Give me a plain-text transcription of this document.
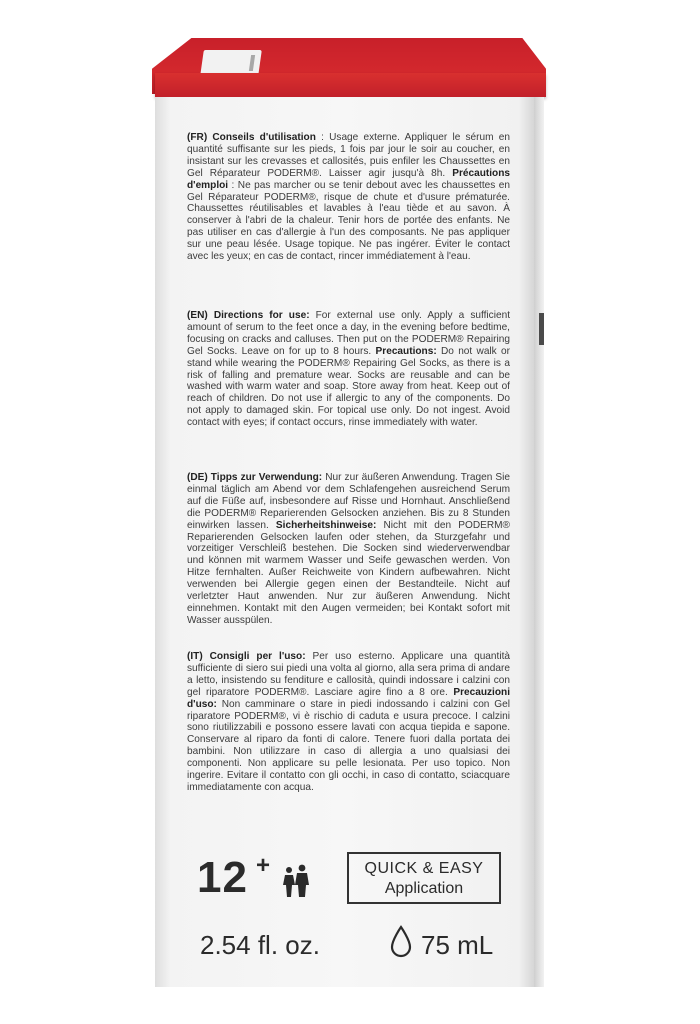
(FR) Conseils d'utilisation : Usage externe. Appliquer le sérum en quantité suffisante sur les pieds, 1 fois par jour le soir au coucher, en insistant sur les crevasses et callosités, puis enfiler les Chaussettes en Gel Réparateur PODERM®. Laisser agir jusqu'à 8h. Précautions d'emploi : Ne pas marcher ou se tenir debout avec les chaussettes en Gel Réparateur PODERM®, risque de chute et d'usure prématurée. Chaussettes réutilisables et lavables à l'eau tiède et au savon. À conserver à l'abri de la chaleur. Tenir hors de portée des enfants. Ne pas utiliser en cas d'allergie à l'un des composants. Ne pas appliquer sur une peau lésée. Usage topique. Ne pas ingérer. Éviter le contact avec les yeux; en cas de contact, rincer immédiatement à l'eau.
(EN) Directions for use: For external use only. Apply a sufficient amount of serum to the feet once a day, in the evening before bedtime, focusing on cracks and calluses. Then put on the PODERM® Repairing Gel Socks. Leave on for up to 8 hours. Precautions: Do not walk or stand while wearing the PODERM® Repairing Gel Socks, as there is a risk of falling and premature wear. Socks are reusable and can be washed with warm water and soap. Store away from heat. Keep out of reach of children. Do not use if allergic to any of the components. Do not apply to damaged skin. For topical use only. Do not ingest. Avoid contact with eyes; if contact occurs, rinse immediately with water.
(DE) Tipps zur Verwendung: Nur zur äußeren Anwendung. Tragen Sie einmal täglich am Abend vor dem Schlafengehen ausreichend Serum auf die Füße auf, insbesondere auf Risse und Hornhaut. Anschließend die PODERM® Reparierenden Gelsocken anziehen. Bis zu 8 Stunden einwirken lassen. Sicherheitshinweise: Nicht mit den PODERM® Reparierenden Gelsocken laufen oder stehen, da Sturzgefahr und vorzeitiger Verschleiß bestehen. Die Socken sind wiederverwendbar und können mit warmem Wasser und Seife gewaschen werden. Von Hitze fernhalten. Außer Reichweite von Kindern aufbewahren. Nicht verwenden bei Allergie gegen einen der Bestandteile. Nicht auf verletzter Haut anwenden. Nur zur äußeren Anwendung. Nicht einnehmen. Kontakt mit den Augen vermeiden; bei Kontakt sofort mit Wasser ausspülen.
(IT) Consigli per l'uso: Per uso esterno. Applicare una quantità sufficiente di siero sui piedi una volta al giorno, alla sera prima di andare a letto, insistendo su fenditure e callosità, quindi indossare i calzini con gel riparatore PODERM®. Lasciare agire fino a 8 ore. Precauzioni d'uso: Non camminare o stare in piedi indossando i calzini con Gel riparatore PODERM®, vi è rischio di caduta e usura precoce. I calzini sono riutilizzabili e possono essere lavati con acqua tiepida e sapone. Conservare al riparo da fonti di calore. Tenere fuori dalla portata dei bambini. Non utilizzare in caso di allergia a uno qualsiasi dei componenti. Non applicare su pelle lesionata. Per uso topico. Non ingerire. Evitare il contatto con gli occhi, in caso di contatto, sciacquare immediatamente con acqua.
12 +	QUICK & EASY
Application
2.54 fl. oz.	75 mL
